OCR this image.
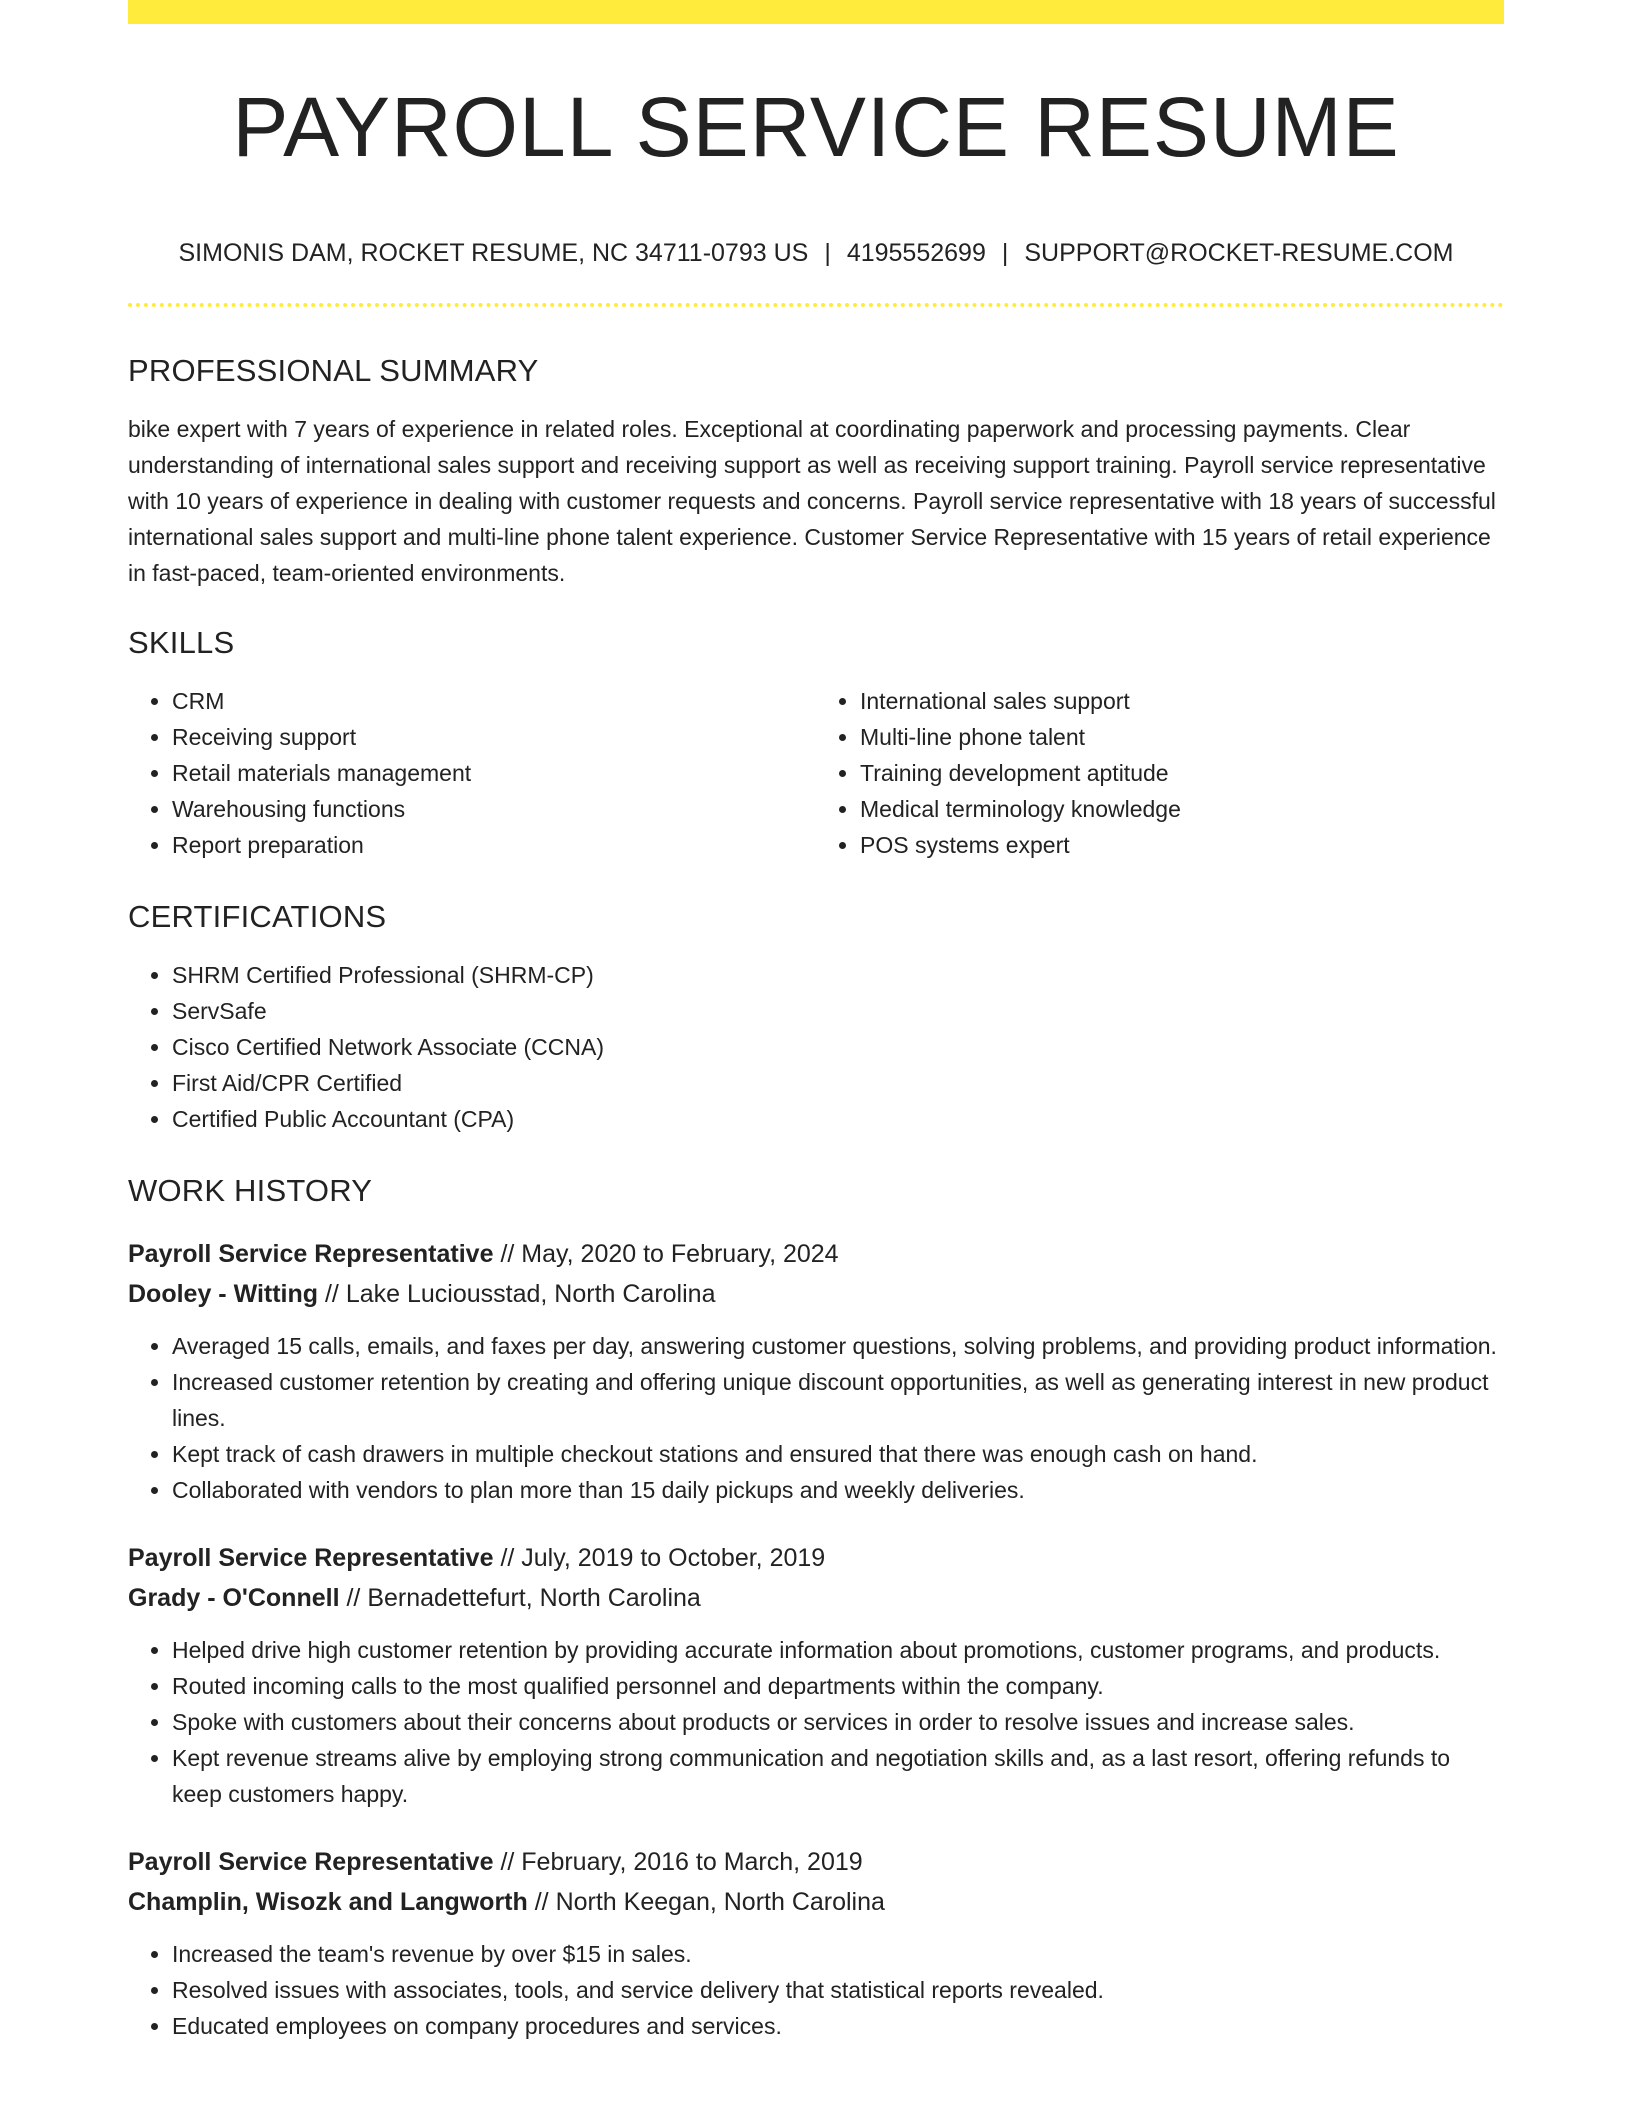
PAYROLL SERVICE RESUME
SIMONIS DAM, ROCKET RESUME, NC 34711-0793 US | 4195552699 | SUPPORT@ROCKET-RESUME.COM
PROFESSIONAL SUMMARY
bike expert with 7 years of experience in related roles. Exceptional at coordinating paperwork and processing payments. Clear understanding of international sales support and receiving support as well as receiving support training. Payroll service representative with 10 years of experience in dealing with customer requests and concerns. Payroll service representative with 18 years of successful international sales support and multi-line phone talent experience. Customer Service Representative with 15 years of retail experience in fast-paced, team-oriented environments.
SKILLS
• CRM
• Receiving support
• Retail materials management
• Warehousing functions
• Report preparation
• International sales support
• Multi-line phone talent
• Training development aptitude
• Medical terminology knowledge
• POS systems expert
CERTIFICATIONS
• SHRM Certified Professional (SHRM-CP)
• ServSafe
• Cisco Certified Network Associate (CCNA)
• First Aid/CPR Certified
• Certified Public Accountant (CPA)
WORK HISTORY
Payroll Service Representative // May, 2020 to February, 2024
Dooley - Witting // Lake Luciousstad, North Carolina
• Averaged 15 calls, emails, and faxes per day, answering customer questions, solving problems, and providing product information.
• Increased customer retention by creating and offering unique discount opportunities, as well as generating interest in new product lines.
• Kept track of cash drawers in multiple checkout stations and ensured that there was enough cash on hand.
• Collaborated with vendors to plan more than 15 daily pickups and weekly deliveries.
Payroll Service Representative // July, 2019 to October, 2019
Grady - O'Connell // Bernadettefurt, North Carolina
• Helped drive high customer retention by providing accurate information about promotions, customer programs, and products.
• Routed incoming calls to the most qualified personnel and departments within the company.
• Spoke with customers about their concerns about products or services in order to resolve issues and increase sales.
• Kept revenue streams alive by employing strong communication and negotiation skills and, as a last resort, offering refunds to keep customers happy.
Payroll Service Representative // February, 2016 to March, 2019
Champlin, Wisozk and Langworth // North Keegan, North Carolina
• Increased the team's revenue by over $15 in sales.
• Resolved issues with associates, tools, and service delivery that statistical reports revealed.
• Educated employees on company procedures and services.
